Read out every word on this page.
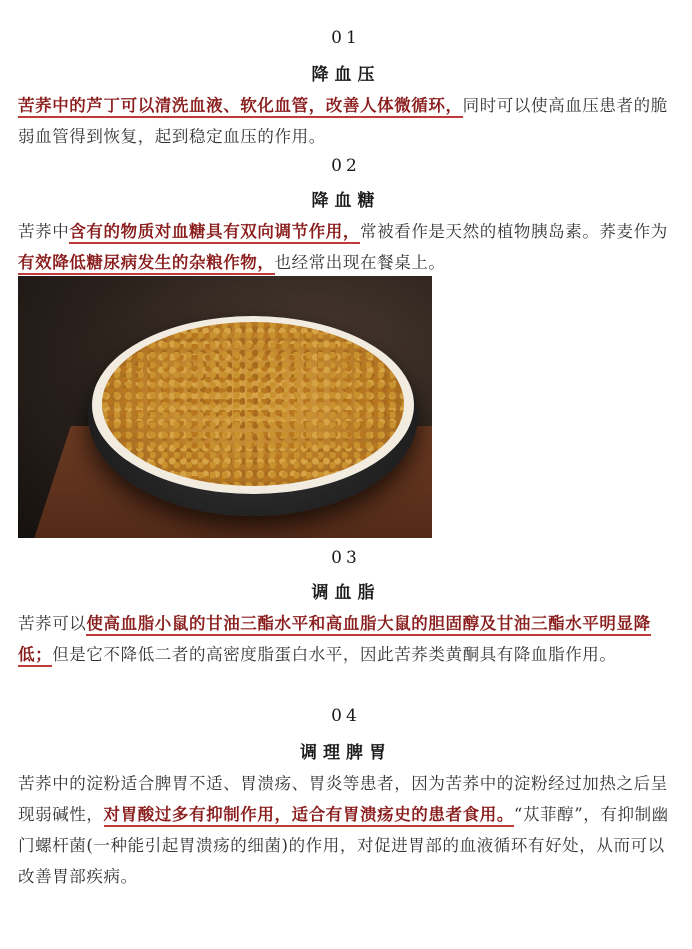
01
降血压
苦荞中的芦丁可以清洗血液、软化血管，改善人体微循环，同时可以使高血压患者的脆弱血管得到恢复，起到稳定血压的作用。
02
降血糖
苦荞中含有的物质对血糖具有双向调节作用，常被看作是天然的植物胰岛素。荞麦作为有效降低糖尿病发生的杂粮作物，也经常出现在餐桌上。
03
调血脂
苦荞可以使高血脂小鼠的甘油三酯水平和高血脂大鼠的胆固醇及甘油三酯水平明显降低；但是它不降低二者的高密度脂蛋白水平，因此苦荞类黄酮具有降血脂作用。
04
调理脾胃
苦荞中的淀粉适合脾胃不适、胃溃疡、胃炎等患者，因为苦荞中的淀粉经过加热之后呈现弱碱性，对胃酸过多有抑制作用，适合有胃溃疡史的患者食用。“苁菲醇”，有抑制幽门螺杆菌(一种能引起胃溃疡的细菌)的作用，对促进胃部的血液循环有好处，从而可以改善胃部疾病。
